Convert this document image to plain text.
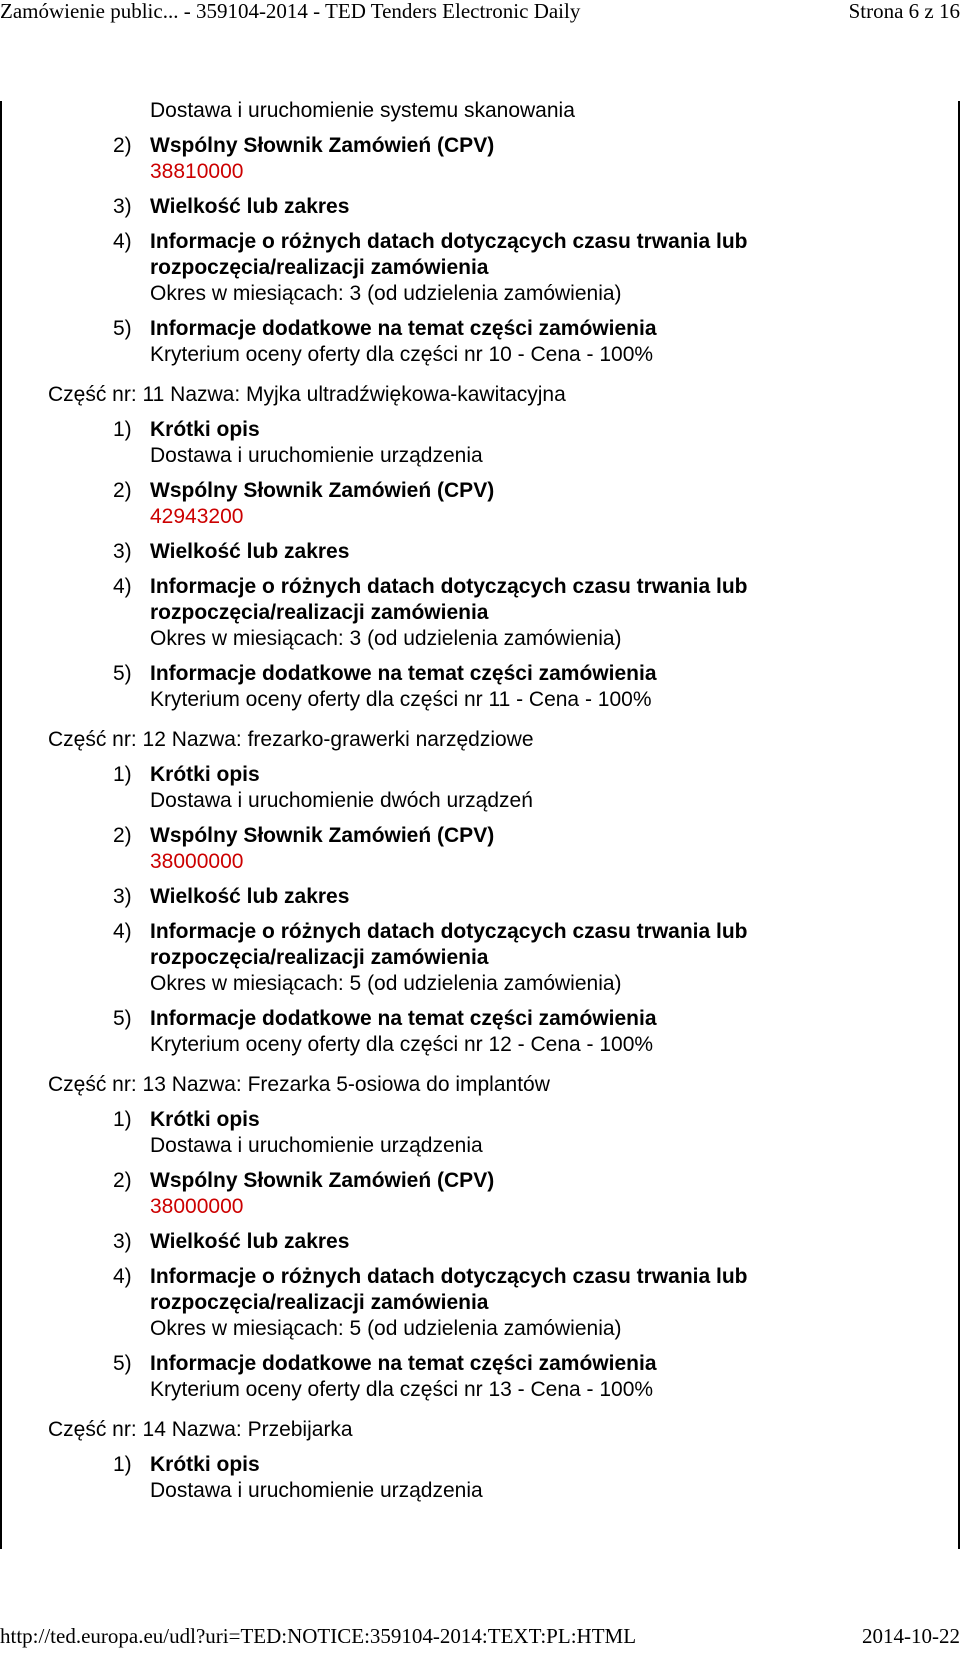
Zamówienie public... - 359104-2014 - TED Tenders Electronic Daily	Strona 6 z 16
Dostawa i uruchomienie systemu skanowania
2) Wspólny Słownik Zamówień (CPV)
38810000
3) Wielkość lub zakres
4) Informacje o różnych datach dotyczących czasu trwania lub
rozpoczęcia/realizacji zamówienia
Okres w miesiącach: 3 (od udzielenia zamówienia)
5) Informacje dodatkowe na temat części zamówienia
Kryterium oceny oferty dla części nr 10 - Cena - 100%
Część nr: 11 Nazwa: Myjka ultradźwiękowa-kawitacyjna
1) Krótki opis
Dostawa i uruchomienie urządzenia
2) Wspólny Słownik Zamówień (CPV)
42943200
3) Wielkość lub zakres
4) Informacje o różnych datach dotyczących czasu trwania lub
rozpoczęcia/realizacji zamówienia
Okres w miesiącach: 3 (od udzielenia zamówienia)
5) Informacje dodatkowe na temat części zamówienia
Kryterium oceny oferty dla części nr 11 - Cena - 100%
Część nr: 12 Nazwa: frezarko-grawerki narzędziowe
1) Krótki opis
Dostawa i uruchomienie dwóch urządzeń
2) Wspólny Słownik Zamówień (CPV)
38000000
3) Wielkość lub zakres
4) Informacje o różnych datach dotyczących czasu trwania lub
rozpoczęcia/realizacji zamówienia
Okres w miesiącach: 5 (od udzielenia zamówienia)
5) Informacje dodatkowe na temat części zamówienia
Kryterium oceny oferty dla części nr 12 - Cena - 100%
Część nr: 13 Nazwa: Frezarka 5-osiowa do implantów
1) Krótki opis
Dostawa i uruchomienie urządzenia
2) Wspólny Słownik Zamówień (CPV)
38000000
3) Wielkość lub zakres
4) Informacje o różnych datach dotyczących czasu trwania lub
rozpoczęcia/realizacji zamówienia
Okres w miesiącach: 5 (od udzielenia zamówienia)
5) Informacje dodatkowe na temat części zamówienia
Kryterium oceny oferty dla części nr 13 - Cena - 100%
Część nr: 14 Nazwa: Przebijarka
1) Krótki opis
Dostawa i uruchomienie urządzenia
http://ted.europa.eu/udl?uri=TED:NOTICE:359104-2014:TEXT:PL:HTML	2014-10-22
